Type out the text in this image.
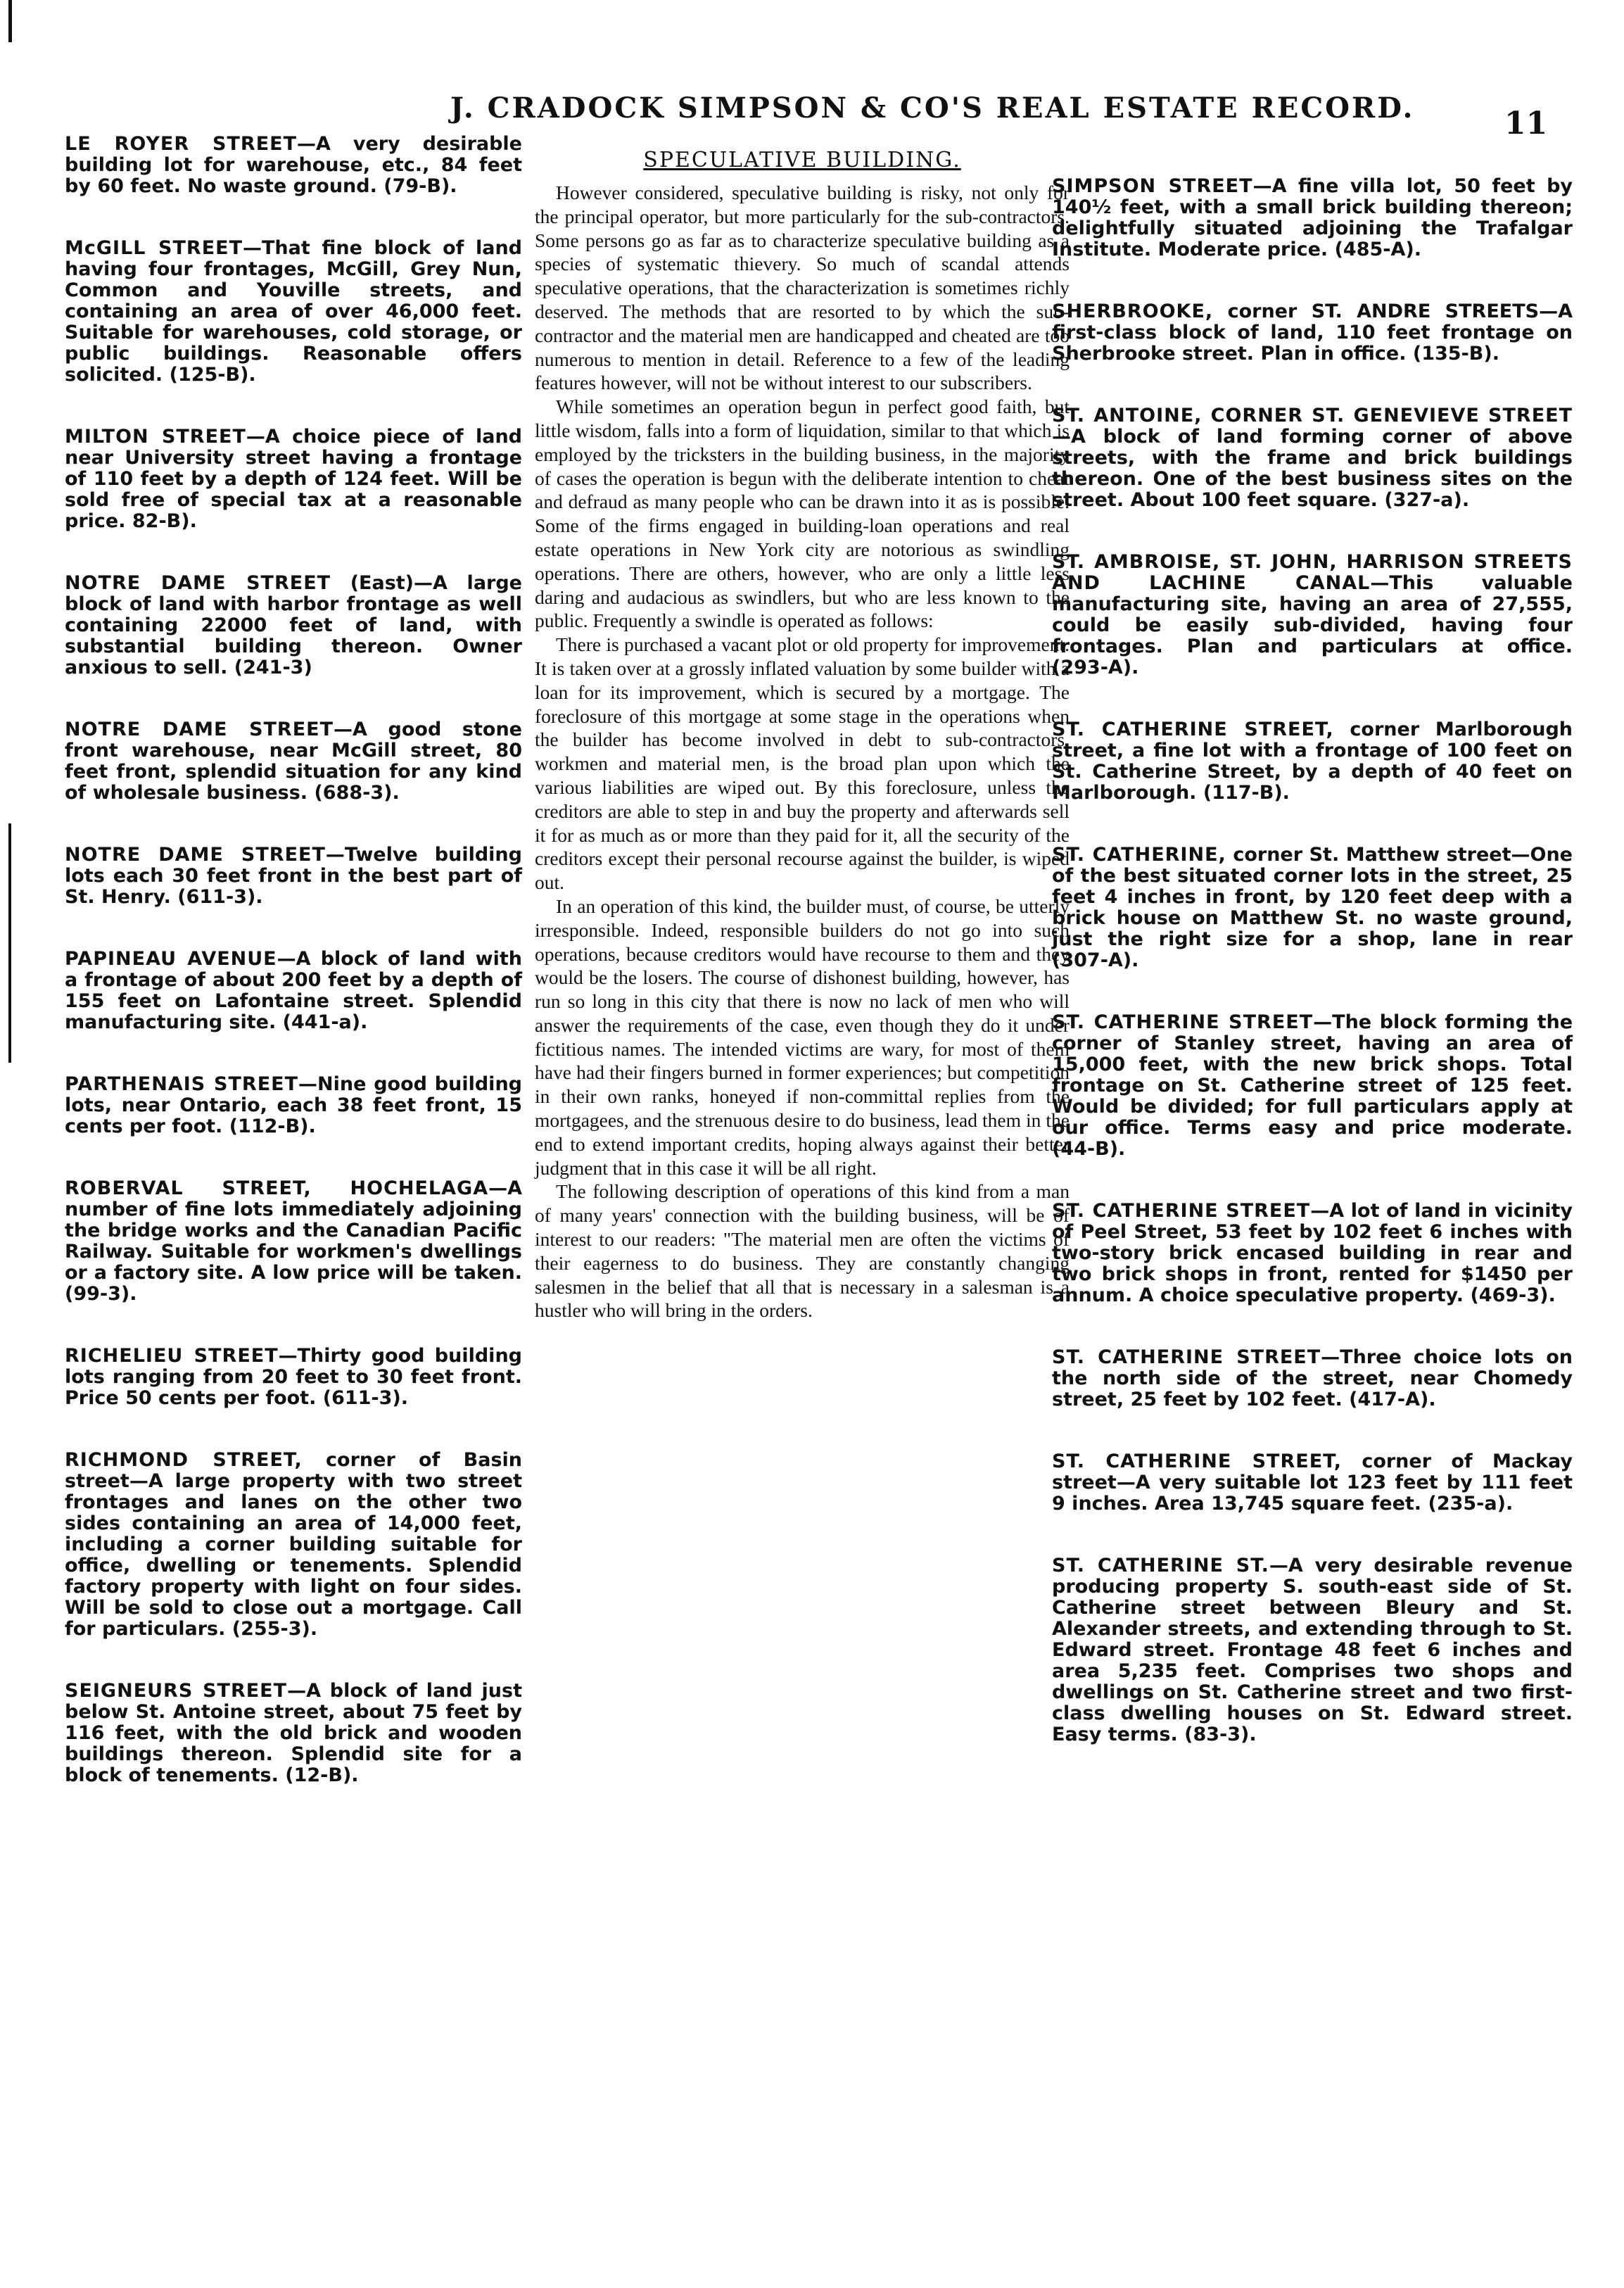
J. CRADOCK SIMPSON & CO'S REAL ESTATE RECORD.	11

LE ROYER STREET—A very desirable building lot for warehouse, etc., 84 feet by 60 feet. No waste ground. (79-B).

McGILL STREET—That fine block of land having four frontages, McGill, Grey Nun, Common and Youville streets, and containing an area of over 46,000 feet. Suitable for warehouses, cold storage, or public buildings. Reasonable offers solicited. (125-B).

MILTON STREET—A choice piece of land near University street having a frontage of 110 feet by a depth of 124 feet. Will be sold free of special tax at a reasonable price. 82-B).

NOTRE DAME STREET (East)—A large block of land with harbor frontage as well containing 22000 feet of land, with substantial building thereon. Owner anxious to sell. (241-3)

NOTRE DAME STREET—A good stone front warehouse, near McGill street, 80 feet front, splendid situation for any kind of wholesale business. (688-3).

NOTRE DAME STREET—Twelve building lots each 30 feet front in the best part of St. Henry. (611-3).

PAPINEAU AVENUE—A block of land with a frontage of about 200 feet by a depth of 155 feet on Lafontaine street. Splendid manufacturing site. (441-a).

PARTHENAIS STREET—Nine good building lots, near Ontario, each 38 feet front, 15 cents per foot. (112-B).

ROBERVAL STREET, HOCHELAGA—A number of fine lots immediately adjoining the bridge works and the Canadian Pacific Railway. Suitable for workmen's dwellings or a factory site. A low price will be taken. (99-3).

RICHELIEU STREET—Thirty good building lots ranging from 20 feet to 30 feet front. Price 50 cents per foot. (611-3).

RICHMOND STREET, corner of Basin street—A large property with two street frontages and lanes on the other two sides containing an area of 14,000 feet, including a corner building suitable for office, dwelling or tenements. Splendid factory property with light on four sides. Will be sold to close out a mortgage. Call for particulars. (255-3).

SEIGNEURS STREET—A block of land just below St. Antoine street, about 75 feet by 116 feet, with the old brick and wooden buildings thereon. Splendid site for a block of tenements. (12-B).

SPECULATIVE BUILDING.

However considered, speculative building is risky, not only for the principal operator, but more particularly for the sub-contractors. Some persons go as far as to characterize speculative building as a species of systematic thievery. So much of scandal attends speculative operations, that the characterization is sometimes richly deserved. The methods that are resorted to by which the sub-contractor and the material men are handicapped and cheated are too numerous to mention in detail. Reference to a few of the leading features however, will not be without interest to our subscribers.

While sometimes an operation begun in perfect good faith, but little wisdom, falls into a form of liquidation, similar to that which is employed by the tricksters in the building business, in the majority of cases the operation is begun with the deliberate intention to cheat and defraud as many people who can be drawn into it as is possible. Some of the firms engaged in building-loan operations and real estate operations in New York city are notorious as swindling operations. There are others, however, who are only a little less daring and audacious as swindlers, but who are less known to the public. Frequently a swindle is operated as follows:

There is purchased a vacant plot or old property for improvement. It is taken over at a grossly inflated valuation by some builder with a loan for its improvement, which is secured by a mortgage. The foreclosure of this mortgage at some stage in the operations when the builder has become involved in debt to sub-contractors, workmen and material men, is the broad plan upon which the various liabilities are wiped out. By this foreclosure, unless the creditors are able to step in and buy the property and afterwards sell it for as much as or more than they paid for it, all the security of the creditors except their personal recourse against the builder, is wiped out.

In an operation of this kind, the builder must, of course, be utterly irresponsible. Indeed, responsible builders do not go into such operations, because creditors would have recourse to them and they would be the losers. The course of dishonest building, however, has run so long in this city that there is now no lack of men who will answer the requirements of the case, even though they do it under fictitious names. The intended victims are wary, for most of them have had their fingers burned in former experiences; but competition in their own ranks, honeyed if non-committal replies from the mortgagees, and the strenuous desire to do business, lead them in the end to extend important credits, hoping always against their better judgment that in this case it will be all right.

The following description of operations of this kind from a man of many years' connection with the building business, will be of interest to our readers: "The material men are often the victims of their eagerness to do business. They are constantly changing salesmen in the belief that all that is necessary in a salesman is a hustler who will bring in the orders.

SIMPSON STREET—A fine villa lot, 50 feet by 140½ feet, with a small brick building thereon; delightfully situated adjoining the Trafalgar Institute. Moderate price. (485-A).

SHERBROOKE, corner ST. ANDRE STREETS—A first-class block of land, 110 feet frontage on Sherbrooke street. Plan in office. (135-B).

ST. ANTOINE, CORNER ST. GENEVIEVE STREET—A block of land forming corner of above streets, with the frame and brick buildings thereon. One of the best business sites on the street. About 100 feet square. (327-a).

ST. AMBROISE, ST. JOHN, HARRISON STREETS AND LACHINE CANAL—This valuable manufacturing site, having an area of 27,555, could be easily sub-divided, having four frontages. Plan and particulars at office. (293-A).

ST. CATHERINE STREET, corner Marlborough street, a fine lot with a frontage of 100 feet on St. Catherine Street, by a depth of 40 feet on Marlborough. (117-B).

ST. CATHERINE, corner St. Matthew street—One of the best situated corner lots in the street, 25 feet 4 inches in front, by 120 feet deep with a brick house on Matthew St. no waste ground, just the right size for a shop, lane in rear (307-A).

ST. CATHERINE STREET—The block forming the corner of Stanley street, having an area of 15,000 feet, with the new brick shops. Total frontage on St. Catherine street of 125 feet. Would be divided; for full particulars apply at our office. Terms easy and price moderate. (44-B).

ST. CATHERINE STREET—A lot of land in vicinity of Peel Street, 53 feet by 102 feet 6 inches with two-story brick encased building in rear and two brick shops in front, rented for $1450 per annum. A choice speculative property. (469-3).

ST. CATHERINE STREET—Three choice lots on the north side of the street, near Chomedy street, 25 feet by 102 feet. (417-A).

ST. CATHERINE STREET, corner of Mackay street—A very suitable lot 123 feet by 111 feet 9 inches. Area 13,745 square feet. (235-a).

ST. CATHERINE ST.—A very desirable revenue producing property S. south-east side of St. Catherine street between Bleury and St. Alexander streets, and extending through to St. Edward street. Frontage 48 feet 6 inches and area 5,235 feet. Comprises two shops and dwellings on St. Catherine street and two first-class dwelling houses on St. Edward street. Easy terms. (83-3).
